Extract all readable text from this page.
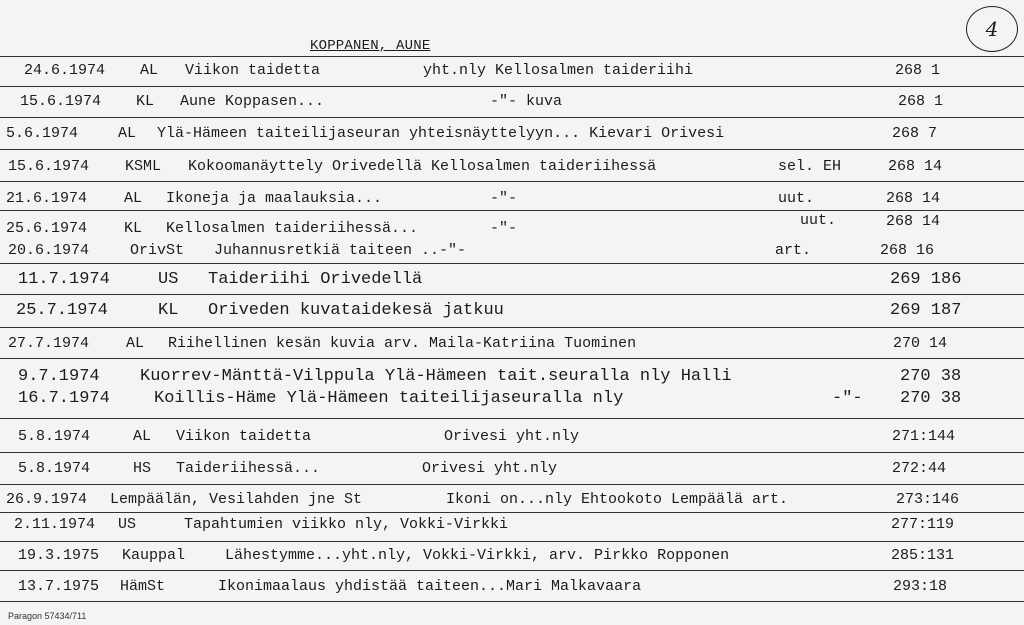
4
KOPPANEN, AUNE
24.6.1974 AL Viikon taidetta	yht.nly Kellosalmen taideriihi	268 1
15.6.1974 KL Aune Koppasen...	-"- kuva	268 1
5.6.1974	AL Ylä-Hämeen taiteilijaseuran yhteisnäyttelyyn... Kievari Orivesi	268 7
15.6.1974 KSML Kokoomanäyttely Orivedellä Kellosalmen taideriihessä	sel. EH	268 14
21.6.1974 AL Ikoneja ja maalauksia...	-"-	uut.	268 14
25.6.1974 KL Kellosalmen taideriihessä...	-"-	uut.	268 14
20.6.1974	OrivSt Juhannusretkiä taiteen ..-"-	art.	268 16
11.7.1974	US Taideriihi Orivedellä	269 186
25.7.1974	KL Oriveden kuvataidekesä jatkuu	269 187
27.7.1974 AL Riihellinen kesän kuvia arv. Maila-Katriina Tuominen	270 14
9.7.1974 Kuorrev-Mänttä-Vilppula Ylä-Hämeen tait.seuralla nly Halli	270 38
16.7.1974	Koillis-Häme Ylä-Hämeen taiteilijaseuralla nly	-"- 270 38
5.8.1974	AL Viikon taidetta	Orivesi yht.nly	271:144
5.8.1974	HS Taideriihessä...	Orivesi yht.nly	272:44
26.9.1974 Lempäälän, Vesilahden jne St	Ikoni on...nly Ehtookoto Lempäälä art.	273:146
2.11.1974 US	Tapahtumien viikko nly, Vokki-Virkki	277:119
19.3.1975 Kauppal	Lähestymme...yht.nly, Vokki-Virkki, arv. Pirkko Ropponen	285:131
13.7.1975 HämSt	Ikonimaalaus yhdistää taiteen...Mari Malkavaara	293:18
Paragon 57434/711
